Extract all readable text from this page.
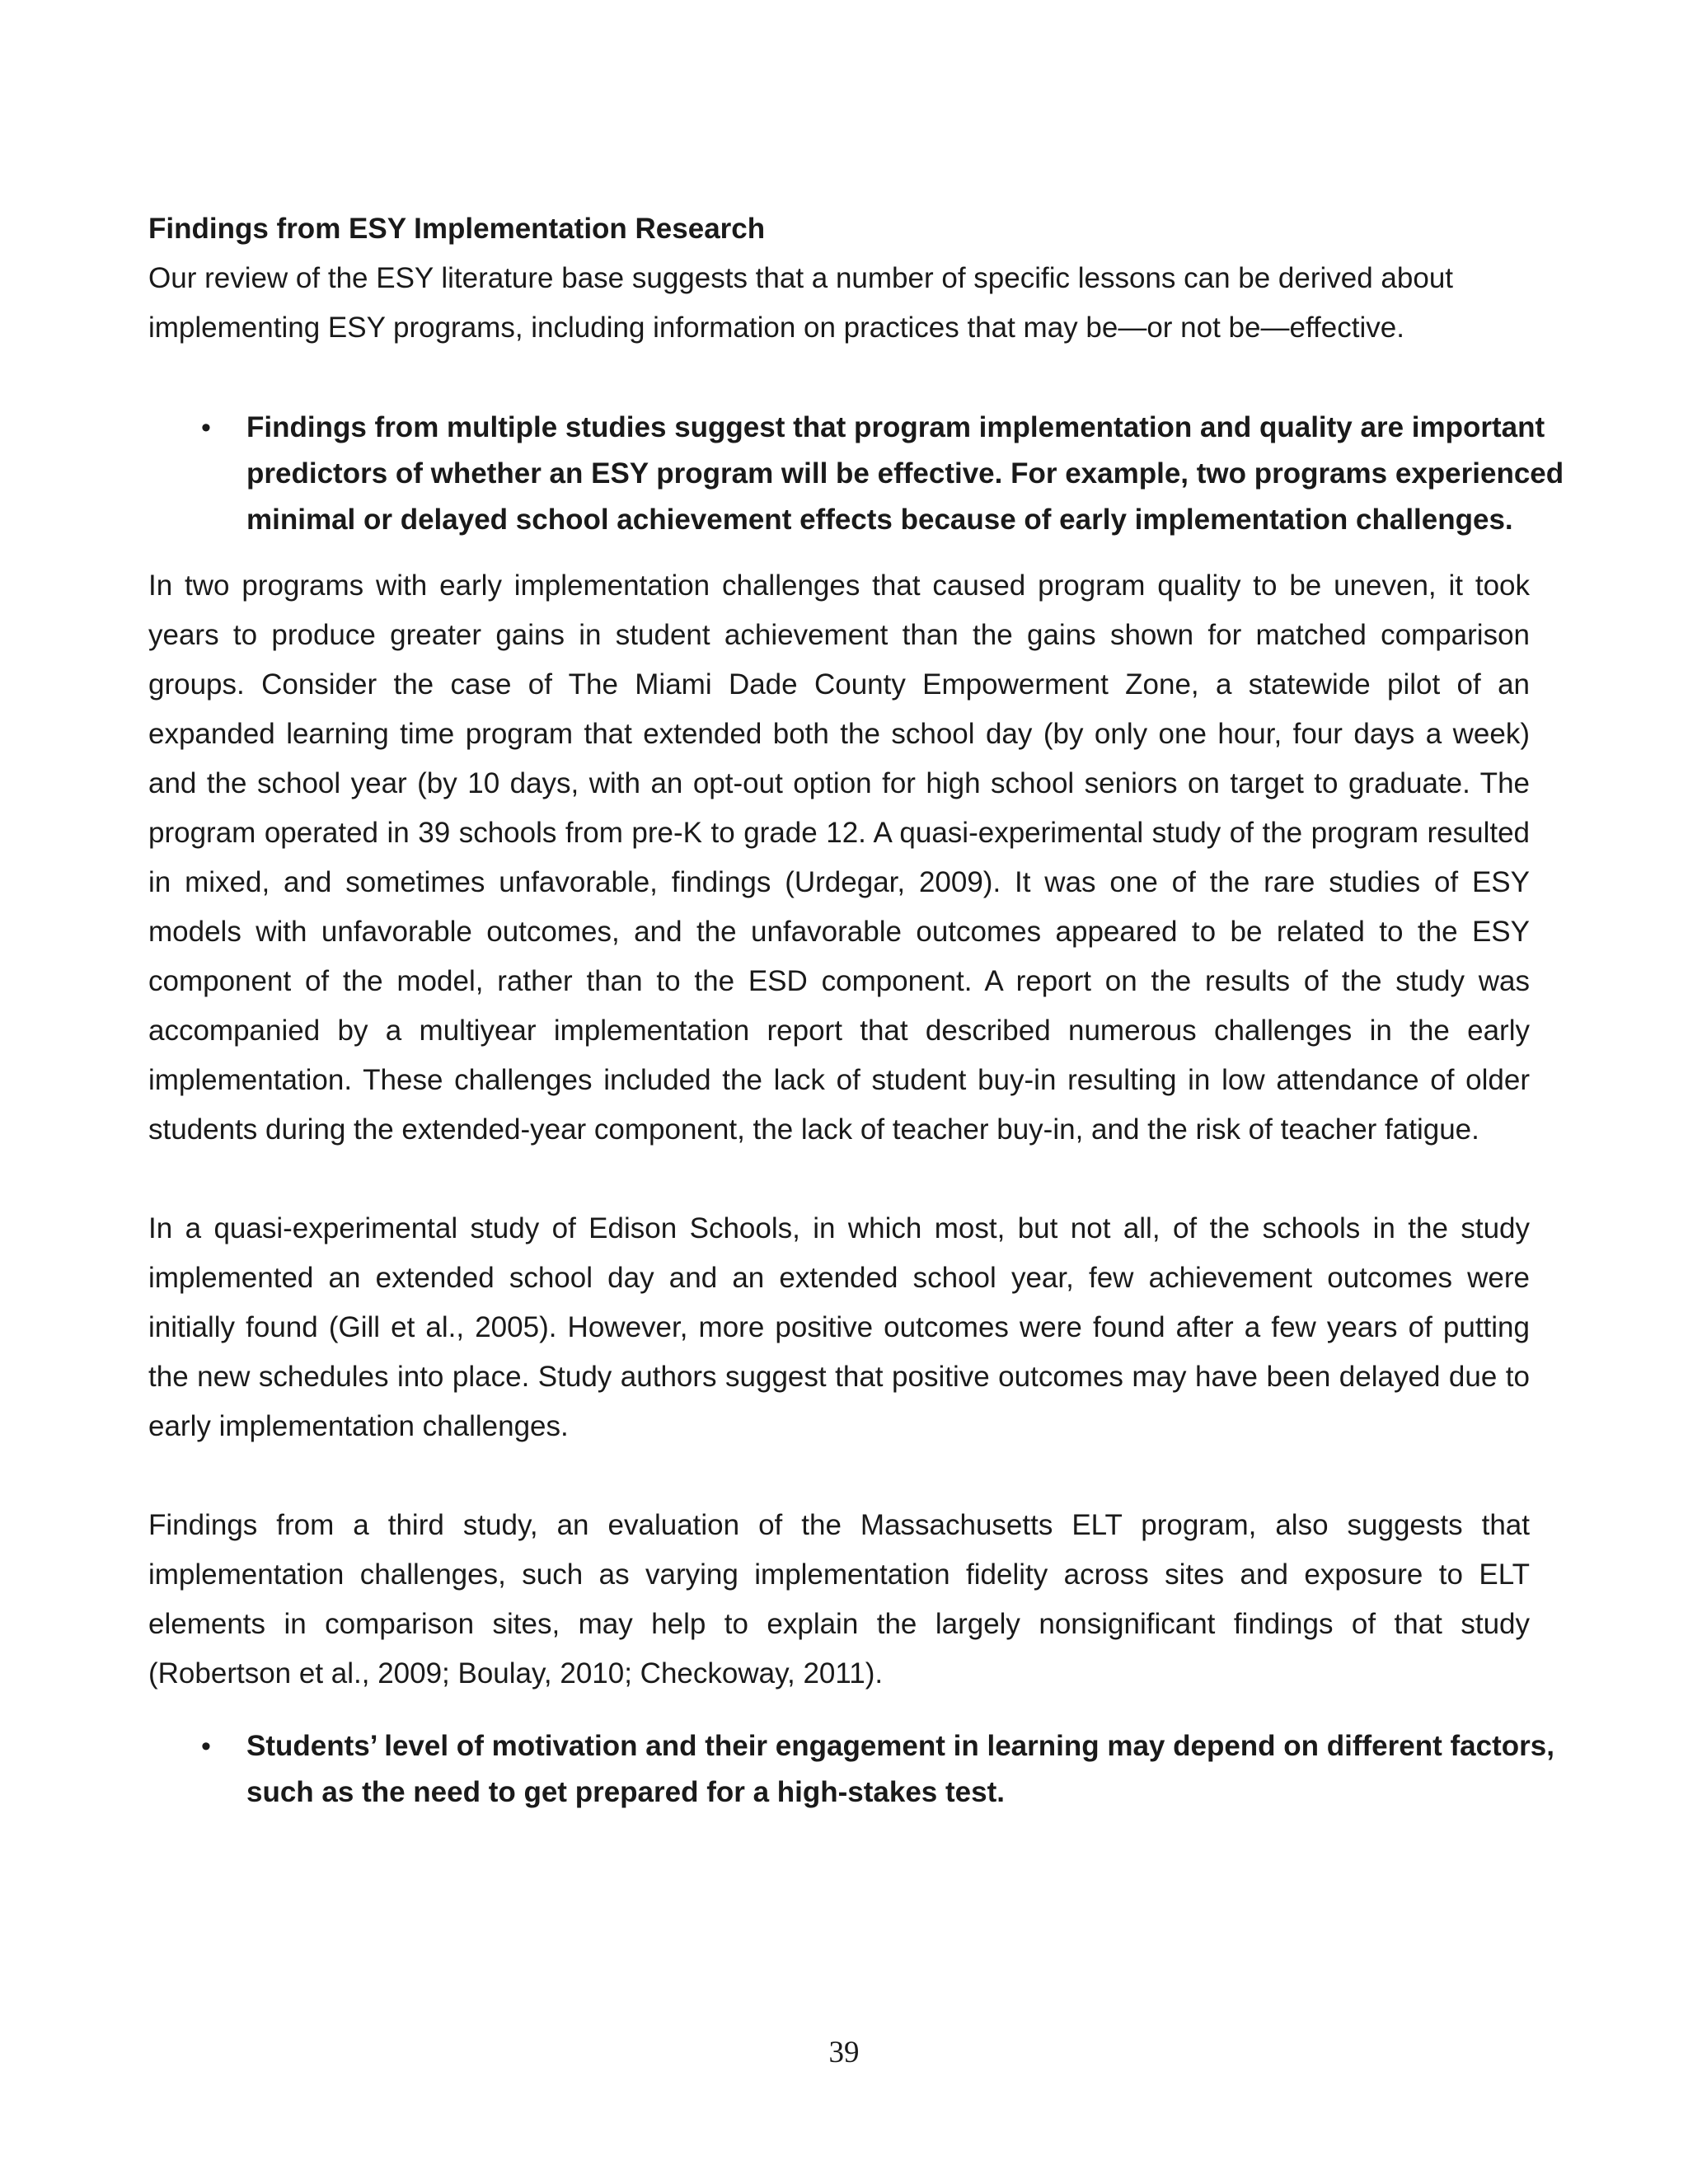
Findings from ESY Implementation Research

Our review of the ESY literature base suggests that a number of specific lessons can be derived about implementing ESY programs, including information on practices that may be—or not be—effective.

• Findings from multiple studies suggest that program implementation and quality are important predictors of whether an ESY program will be effective. For example, two programs experienced minimal or delayed school achievement effects because of early implementation challenges.

In two programs with early implementation challenges that caused program quality to be uneven, it took years to produce greater gains in student achievement than the gains shown for matched comparison groups. Consider the case of The Miami Dade County Empowerment Zone, a statewide pilot of an expanded learning time program that extended both the school day (by only one hour, four days a week) and the school year (by 10 days, with an opt-out option for high school seniors on target to graduate. The program operated in 39 schools from pre-K to grade 12. A quasi-experimental study of the program resulted in mixed, and sometimes unfavorable, findings (Urdegar, 2009). It was one of the rare studies of ESY models with unfavorable outcomes, and the unfavorable outcomes appeared to be related to the ESY component of the model, rather than to the ESD component. A report on the results of the study was accompanied by a multiyear implementation report that described numerous challenges in the early implementation. These challenges included the lack of student buy-in resulting in low attendance of older students during the extended-year component, the lack of teacher buy-in, and the risk of teacher fatigue.

In a quasi-experimental study of Edison Schools, in which most, but not all, of the schools in the study implemented an extended school day and an extended school year, few achievement outcomes were initially found (Gill et al., 2005). However, more positive outcomes were found after a few years of putting the new schedules into place. Study authors suggest that positive outcomes may have been delayed due to early implementation challenges.

Findings from a third study, an evaluation of the Massachusetts ELT program, also suggests that implementation challenges, such as varying implementation fidelity across sites and exposure to ELT elements in comparison sites, may help to explain the largely nonsignificant findings of that study (Robertson et al., 2009; Boulay, 2010; Checkoway, 2011).

• Students’ level of motivation and their engagement in learning may depend on different factors, such as the need to get prepared for a high-stakes test.
39
